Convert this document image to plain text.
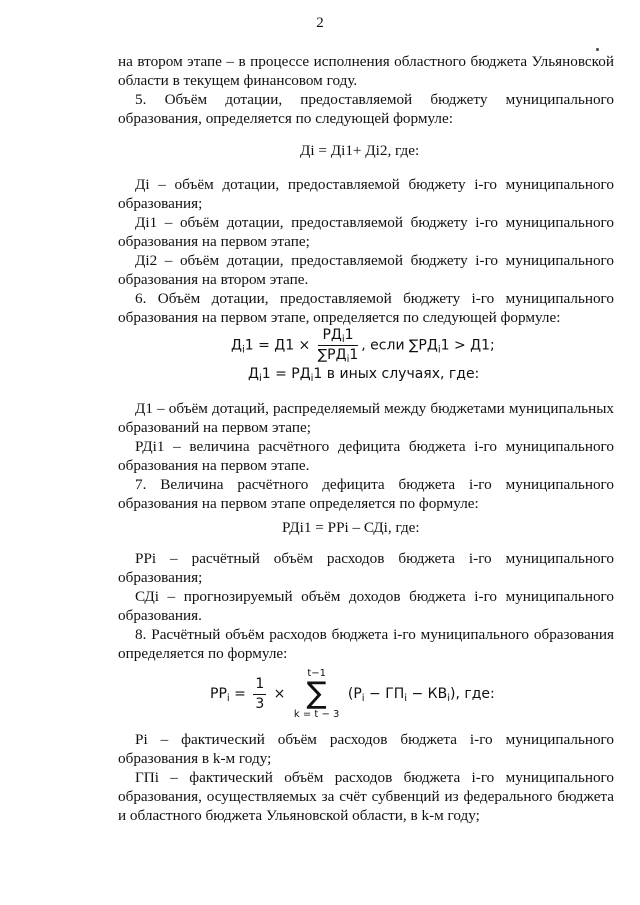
2
на втором этапе – в процессе исполнения областного бюджета Ульяновской области в текущем финансовом году.
5. Объём дотации, предоставляемой бюджету муниципального образования, определяется по следующей формуле:
Дi = Дi1+ Дi2, где:
Дi – объём дотации, предоставляемой бюджету i-го муниципального образования;
Дi1 – объём дотации, предоставляемой бюджету i-го муниципального образования на первом этапе;
Дi2 – объём дотации, предоставляемой бюджету i-го муниципального образования на втором этапе.
6. Объём дотации, предоставляемой бюджету i-го муниципального образования на первом этапе, определяется по следующей формуле:
$Д_i1 = Д1 \times \frac{РД_i1}{\sum РД_i1}$ , если $\sum РД_i1 > Д1$;
$Д_i1 = РД_i1$ в иных случаях, где:
Д1 – объём дотаций, распределяемый между бюджетами муниципальных образований на первом этапе;
РДi1 – величина расчётного дефицита бюджета i-го муниципального образования на первом этапе.
7. Величина расчётного дефицита бюджета i-го муниципального образования на первом этапе определяется по формуле:
РДi1 = РРi – СДi, где:
РРi – расчётный объём расходов бюджета i-го муниципального образования;
СДi – прогнозируемый объём доходов бюджета i-го муниципального образования.
8. Расчётный объём расходов бюджета i-го муниципального образования определяется по формуле:
$РР_i = \frac{1}{3}$ ×
t−1
∑
k = t − 3
$(Р_i - ГП_i - КВ_i)$, где:
Рi – фактический объём расходов бюджета i-го муниципального образования в k-м году;
ГПi – фактический объём расходов бюджета i-го муниципального образования, осуществляемых за счёт субвенций из федерального бюджета и областного бюджета Ульяновской области, в k-м году;
